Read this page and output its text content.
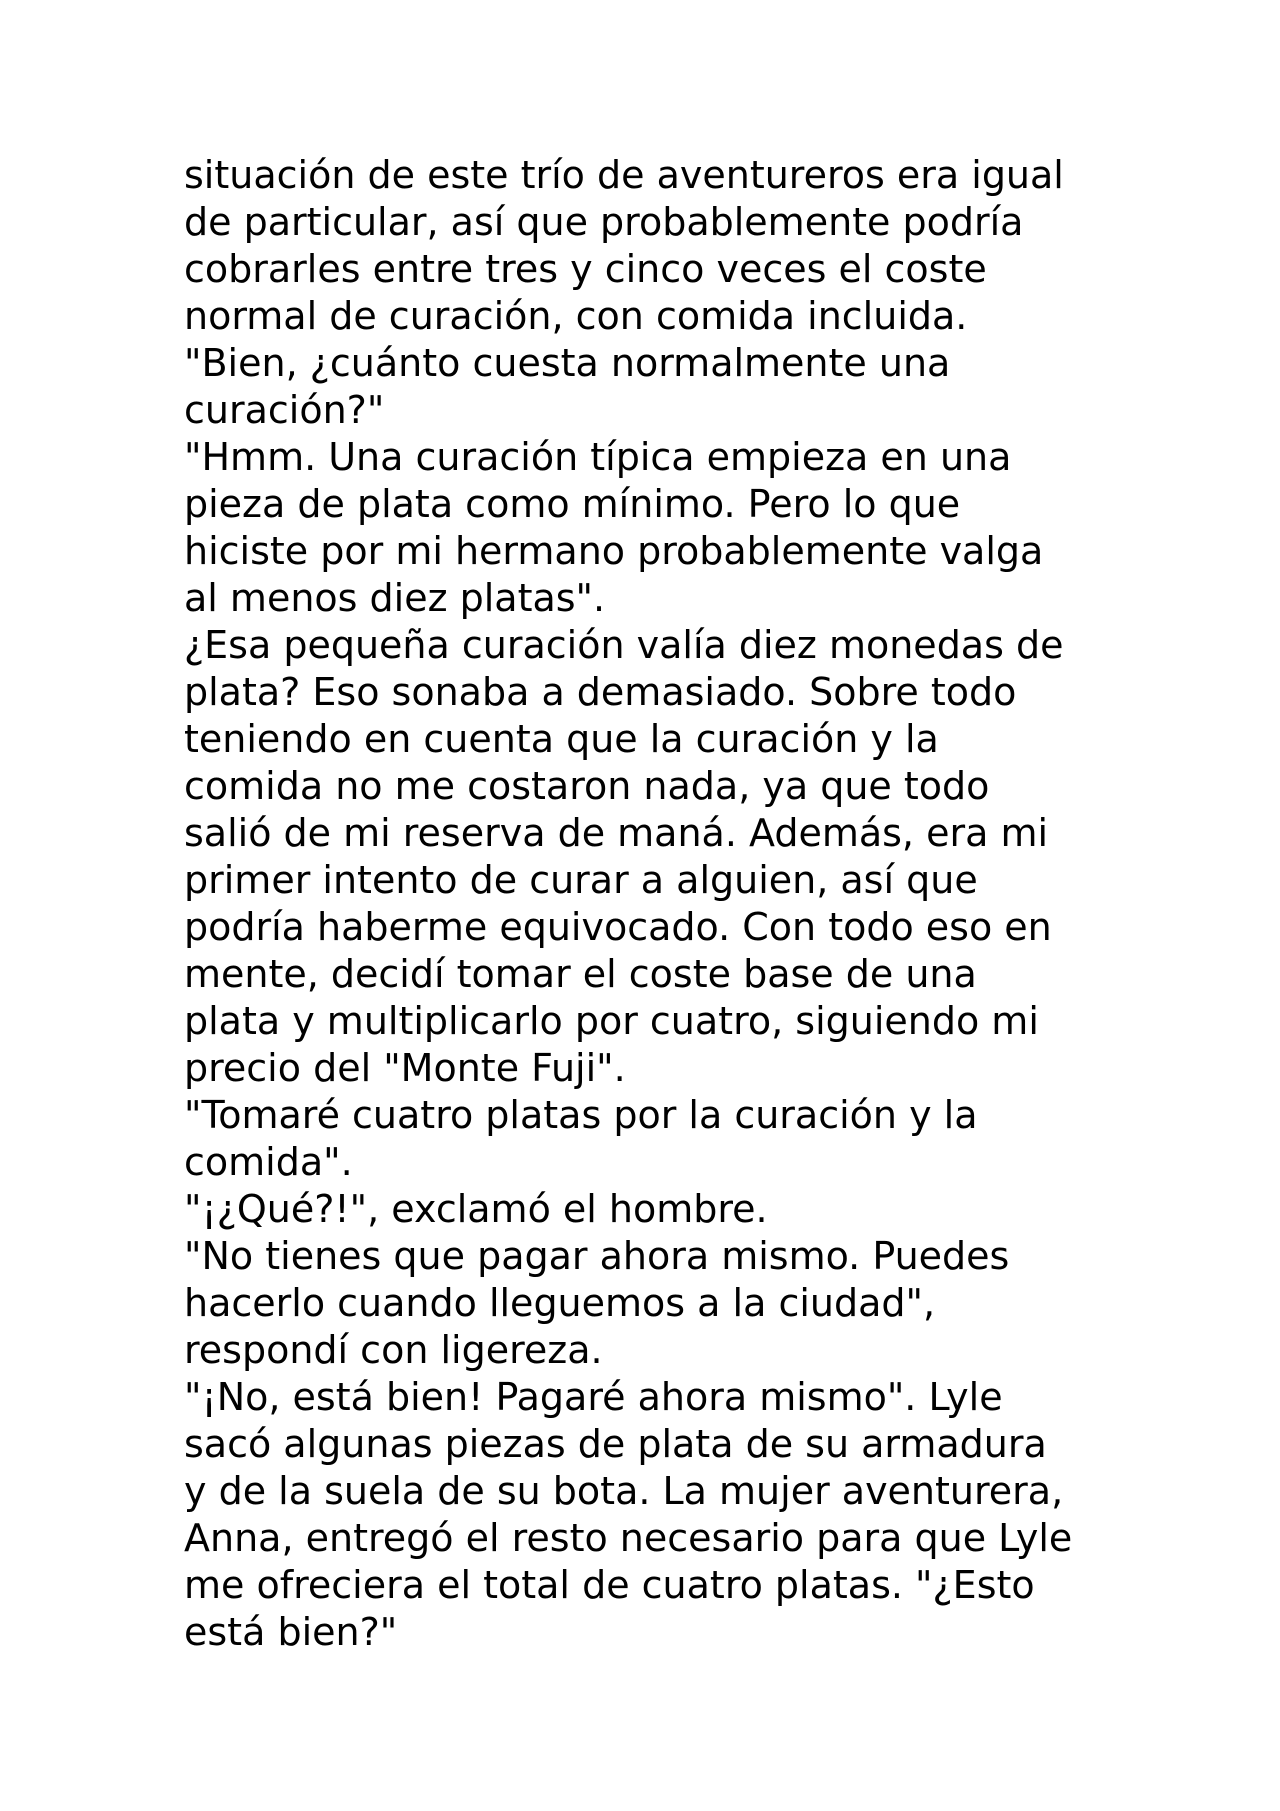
situación de este trío de aventureros era igual
de particular, así que probablemente podría
cobrarles entre tres y cinco veces el coste
normal de curación, con comida incluida.
"Bien, ¿cuánto cuesta normalmente una
curación?"
"Hmm. Una curación típica empieza en una
pieza de plata como mínimo. Pero lo que
hiciste por mi hermano probablemente valga
al menos diez platas".
¿Esa pequeña curación valía diez monedas de
plata? Eso sonaba a demasiado. Sobre todo
teniendo en cuenta que la curación y la
comida no me costaron nada, ya que todo
salió de mi reserva de maná. Además, era mi
primer intento de curar a alguien, así que
podría haberme equivocado. Con todo eso en
mente, decidí tomar el coste base de una
plata y multiplicarlo por cuatro, siguiendo mi
precio del "Monte Fuji".
"Tomaré cuatro platas por la curación y la
comida".
"¡¿Qué?!", exclamó el hombre.
"No tienes que pagar ahora mismo. Puedes
hacerlo cuando lleguemos a la ciudad",
respondí con ligereza.
"¡No, está bien! Pagaré ahora mismo". Lyle
sacó algunas piezas de plata de su armadura
y de la suela de su bota. La mujer aventurera,
Anna, entregó el resto necesario para que Lyle
me ofreciera el total de cuatro platas. "¿Esto
está bien?"
